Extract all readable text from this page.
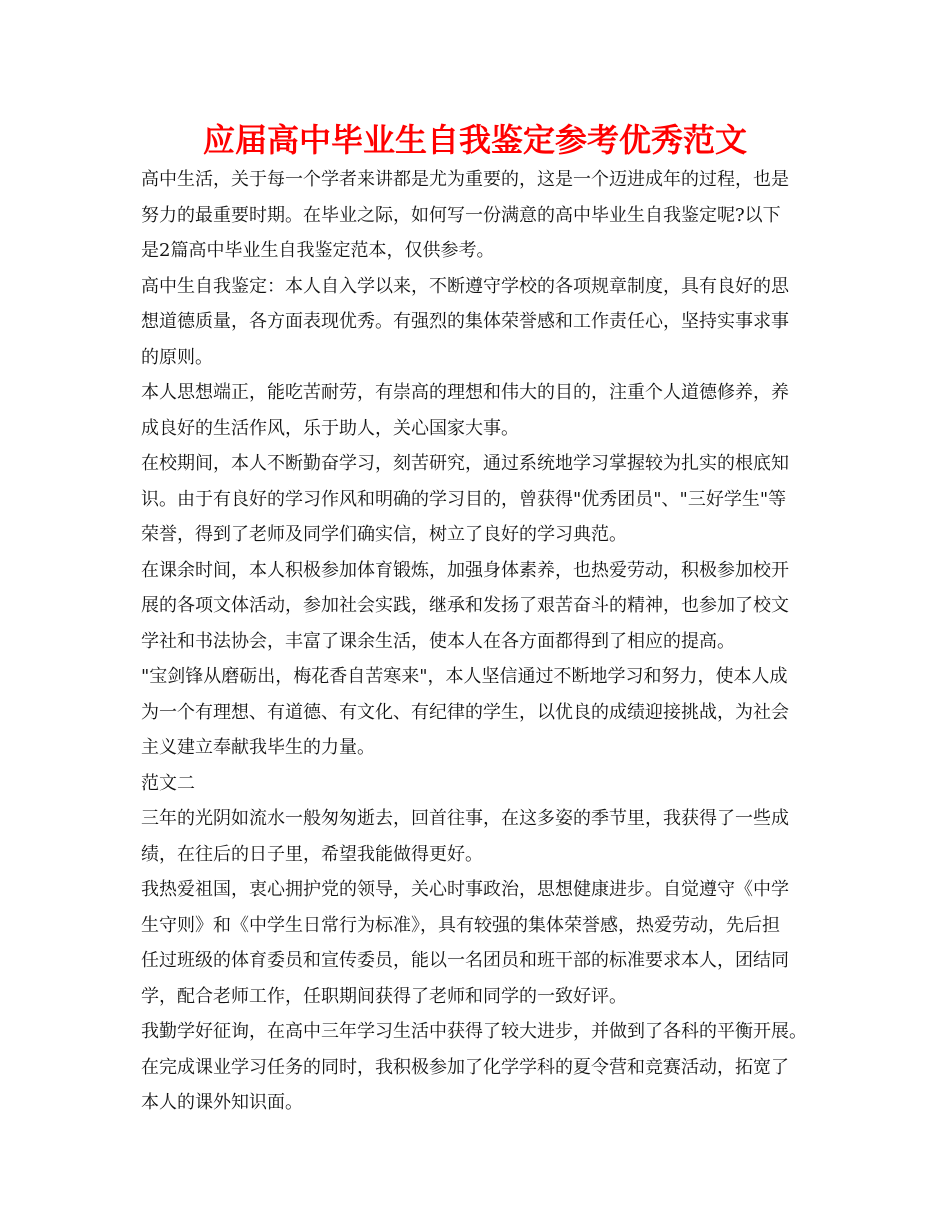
应届高中毕业生自我鉴定参考优秀范文

高中生活，关于每一个学者来讲都是尤为重要的，这是一个迈进成年的过程，也是
努力的最重要时期。在毕业之际，如何写一份满意的高中毕业生自我鉴定呢?以下
是2篇高中毕业生自我鉴定范本，仅供参考。

高中生自我鉴定：本人自入学以来，不断遵守学校的各项规章制度，具有良好的思
想道德质量，各方面表现优秀。有强烈的集体荣誉感和工作责任心，坚持实事求事
的原则。

本人思想端正，能吃苦耐劳，有崇高的理想和伟大的目的，注重个人道德修养，养
成良好的生活作风，乐于助人，关心国家大事。

在校期间，本人不断勤奋学习，刻苦研究，通过系统地学习掌握较为扎实的根底知
识。由于有良好的学习作风和明确的学习目的，曾获得"优秀团员"、"三好学生"等
荣誉，得到了老师及同学们确实信，树立了良好的学习典范。

在课余时间，本人积极参加体育锻炼，加强身体素养，也热爱劳动，积极参加校开
展的各项文体活动，参加社会实践，继承和发扬了艰苦奋斗的精神，也参加了校文
学社和书法协会，丰富了课余生活，使本人在各方面都得到了相应的提高。

"宝剑锋从磨砺出，梅花香自苦寒来"，本人坚信通过不断地学习和努力，使本人成
为一个有理想、有道德、有文化、有纪律的学生，以优良的成绩迎接挑战，为社会
主义建立奉献我毕生的力量。

范文二

三年的光阴如流水一般匆匆逝去，回首往事，在这多姿的季节里，我获得了一些成
绩，在往后的日子里，希望我能做得更好。

我热爱祖国，衷心拥护党的领导，关心时事政治，思想健康进步。自觉遵守《中学
生守则》和《中学生日常行为标准》，具有较强的集体荣誉感，热爱劳动，先后担
任过班级的体育委员和宣传委员，能以一名团员和班干部的标准要求本人，团结同
学，配合老师工作，任职期间获得了老师和同学的一致好评。

我勤学好征询，在高中三年学习生活中获得了较大进步，并做到了各科的平衡开展。
在完成课业学习任务的同时，我积极参加了化学学科的夏令营和竞赛活动，拓宽了
本人的课外知识面。
